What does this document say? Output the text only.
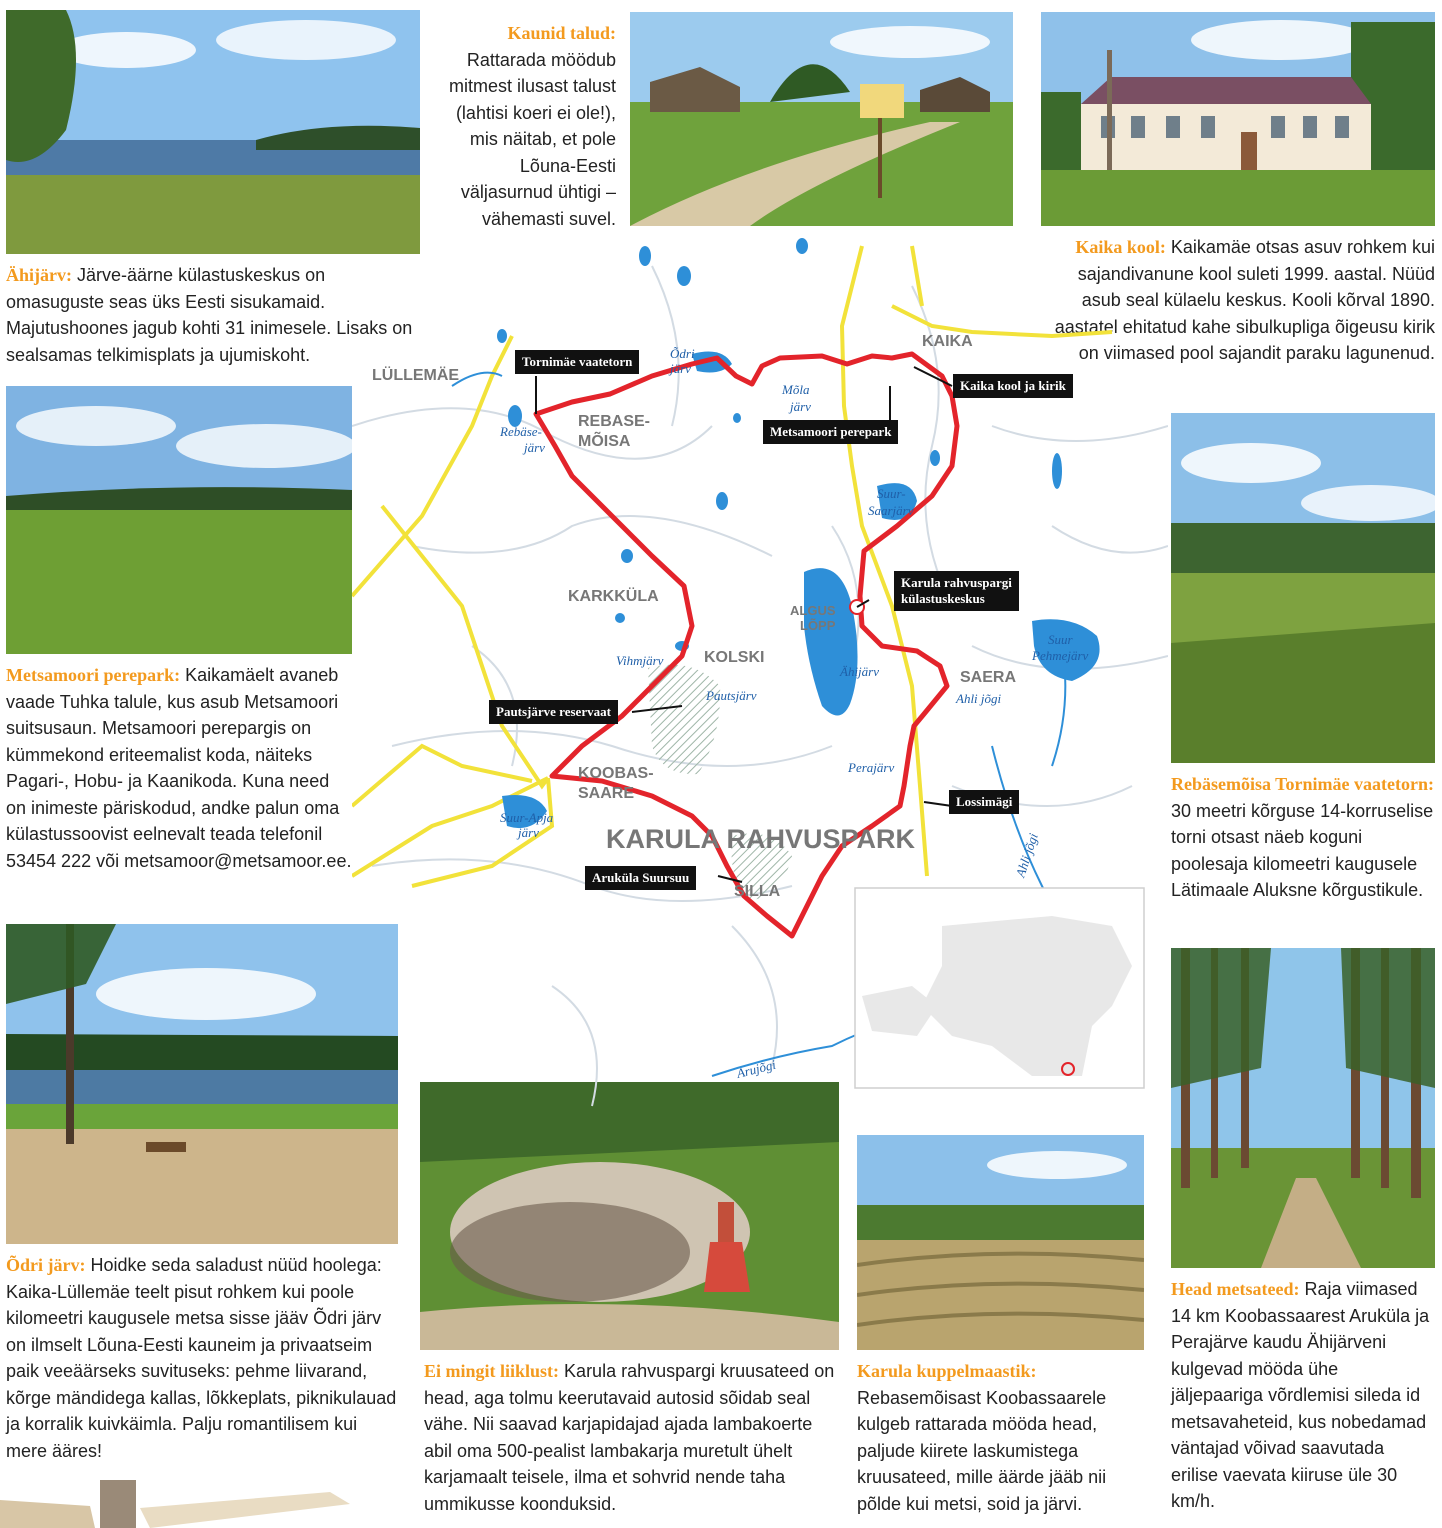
Ähijärv: Järve-äärne külastuskeskus on omasuguste seas üks Eesti sisukamaid. Majutushoones jagub kohti 31 inimesele. Lisaks on sealsamas telkimisplats ja ujumiskoht.
Kaunid talud: Rattarada möödub mitmest ilusast talust (lahtisi koeri ei ole!), mis näitab, et pole Lõuna-Eesti väljasurnud ühtigi – vähemasti suvel.
Kaika kool: Kaikamäe otsas asuv rohkem kui sajandivanune kool suleti 1999. aastal. Nüüd asub seal külaelu keskus. Kooli kõrval 1890. aastatel ehitatud kahe sibulkupliga õigeusu kirik on viimased pool sajandit paraku lagunenud.
Metsamoori perepark: Kaikamäelt avaneb vaade Tuhka talule, kus asub Metsamoori suitsusaun. Metsamoori perepargis on kümmekond eriteemalist koda, näiteks Pagari-, Hobu- ja Kaanikoda. Kuna need on inimeste päriskodud, andke palun oma külastussoovist eelnevalt teada telefonil 53454 222 või metsamoor@metsamoor.ee.
Rebäsemõisa Tornimäe vaatetorn: 30 meetri kõrguse 14-korruselise torni otsast näeb koguni poolesaja kilomeetri kaugusele Lätimaale Aluksne kõrgustikule.
Õdri järv: Hoidke seda saladust nüüd hoolega: Kaika-Lüllemäe teelt pisut rohkem kui poole kilomeetri kaugusele metsa sisse jääv Õdri järv on ilmselt Lõuna-Eesti kauneim ja privaatseim paik veeäärseks suvituseks: pehme liivarand, kõrge mändidega kallas, lõkkeplats, piknikulauad ja korralik kuivkäimla. Palju romantilisem kui mere ääres!
Ei mingit liiklust: Karula rahvuspargi kruusateed on head, aga tolmu keerutavaid autosid sõidab seal vähe. Nii saavad karjapidajad ajada lambakoerte abil oma 500-pealist lambakarja muretult ühelt karjamaalt teisele, ilma et sohvrid nende taha ummikusse koonduksid.
Karula kuppelmaastik: Rebasemõisast Koobassaarele kulgeb rattarada mööda head, paljude kiirete laskumistega kruusateed, mille äärde jääb nii põlde kui metsi, soid ja järvi.
Head metsateed: Raja viimased 14 km Koobassaarest Aruküla ja Perajärve kaudu Ähijärveni kulgevad mööda ühe jäljepaariga võrdlemisi sileda id metsavaheteid, kus nobedamad väntajad võivad saavutada erilise vaevata kiiruse üle 30 km/h.
LÜLLEMÄE
KAIKA
REBASE-
MÕISA
KARKKÜLA
KOLSKI
ALGUS
LÕPP
SAERA
KOOBAS-
SAARE
SILLA
KARULA RAHVUSPARK
Õdri
järv
Mõla
järv
Rebäse-
järv
Suur-
Saarjärv
Vihmjärv
Pautsjärv
Ähijärv
Ahli jõgi
Suur
Pehmejärv
Perajärv
Suur-Apja
järv	Ahli jõgi
Arujõgi
Tornimäe vaatetorn
Kaika kool ja kirik
Metsamoori perepark
Karula rahvuspargi
külastuskeskus
Pautsjärve reservaat
Lossimägi
Aruküla Suursuu
